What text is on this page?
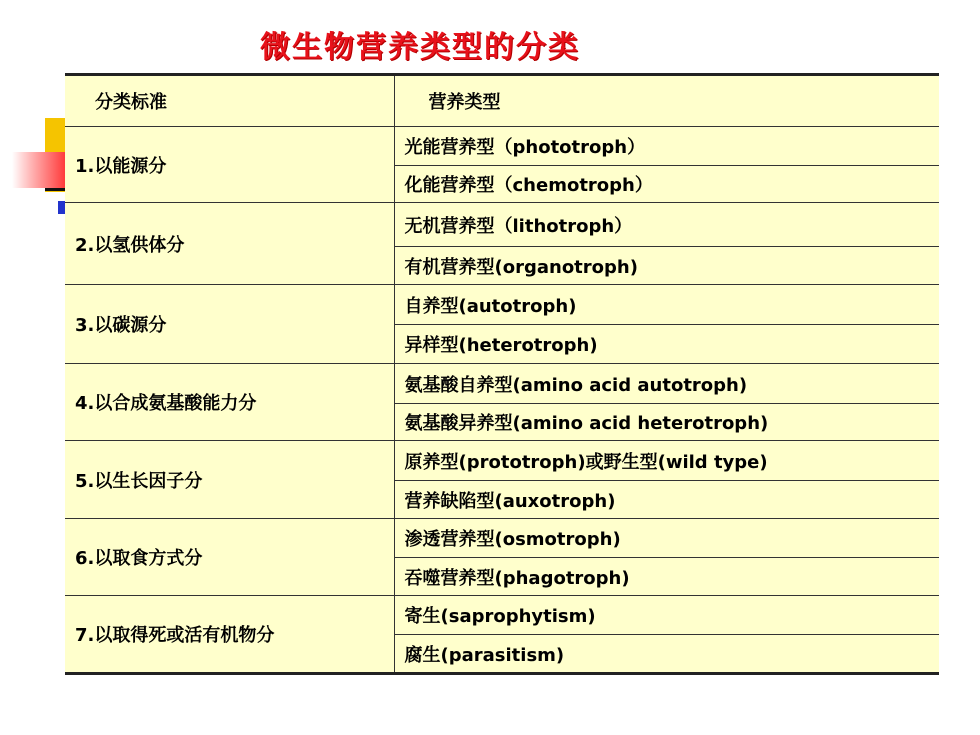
微生物营养类型的分类
分类标准	营养类型
1.以能源分	光能营养型（phototroph）
	化能营养型（chemotroph）
2.以氢供体分	无机营养型（lithotroph）
	有机营养型(organotroph)
3.以碳源分	自养型(autotroph)
	异样型(heterotroph)
4.以合成氨基酸能力分	氨基酸自养型(amino acid autotroph)
	氨基酸异养型(amino acid heterotroph)
5.以生长因子分	原养型(prototroph)或野生型(wild type)
	营养缺陷型(auxotroph)
6.以取食方式分	渗透营养型(osmotroph)
	吞噬营养型(phagotroph)
7.以取得死或活有机物分	寄生(saprophytism)
	腐生(parasitism)
